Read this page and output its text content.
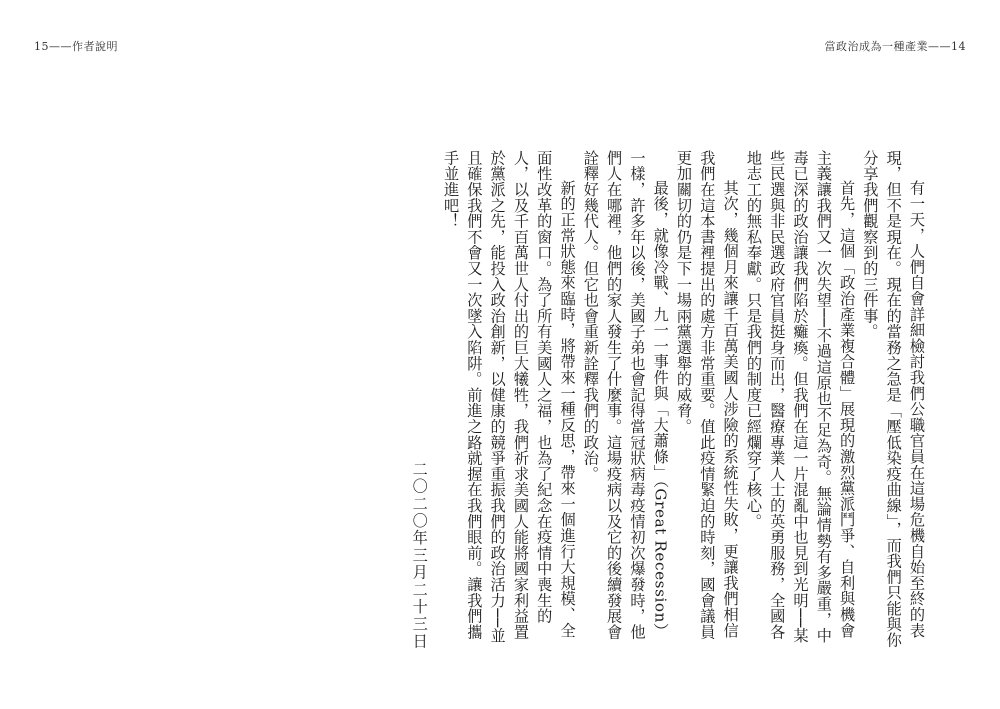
15——作者說明	當政治成為一種產業——14

有一天，人們自會詳細檢討我們公職官員在這場危機自始至終的表現，但不是現在。現在的當務之急是「壓低染疫曲線」，而我們只能與你分享我們觀察到的三件事。

首先，這個「政治產業複合體」展現的激烈黨派鬥爭、自利與機會主義讓我們又一次失望──不過這原也不足為奇。無論情勢有多嚴重，中毒已深的政治讓我們陷於癱瘓。但我們在這一片混亂中也見到光明──某些民選與非民選政府官員挺身而出，醫療專業人士的英勇服務，全國各地志工的無私奉獻。只是我們的制度已經爛穿了核心。

其次，幾個月來讓千百萬美國人涉險的系統性失敗，更讓我們相信我們在這本書裡提出的處方非常重要。值此疫情緊迫的時刻，國會議員更加關切的仍是下一場兩黨選舉的威脅。

最後，就像冷戰、九一一事件與「大蕭條」（Great Recession）一樣，許多年以後，美國子弟也會記得當冠狀病毒疫情初次爆發時，他們人在哪裡，他們的家人發生了什麼事。這場疫病以及它的後續發展會詮釋好幾代人。但它也會重新詮釋我們的政治。

新的正常狀態來臨時，將帶來一種反思，帶來一個進行大規模、全面性改革的窗口。為了所有美國人之福，也為了紀念在疫情中喪生的人，以及千百萬世人付出的巨大犧牲，我們祈求美國人能將國家利益置於黨派之先，能投入政治創新，以健康的競爭重振我們的政治活力──並且確保我們不會又一次墜入陷阱。前進之路就握在我們眼前。讓我們攜手並進吧！

二〇二〇年三月二十三日
